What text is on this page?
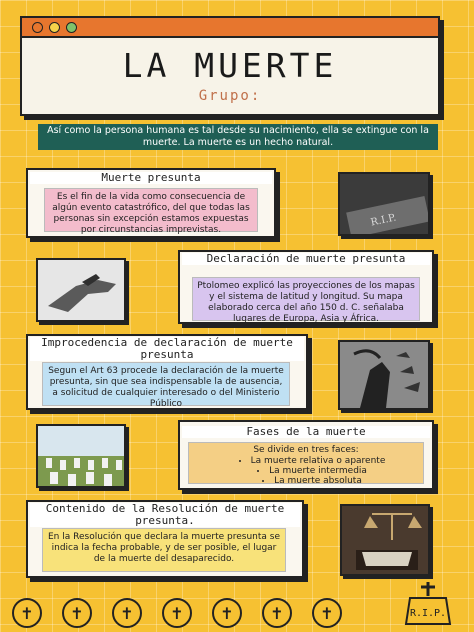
LA MUERTE
Grupo:
Así como la persona humana es tal desde su nacimiento, ella se extingue con la muerte. La muerte es un hecho natural.
Muerte presunta
Es el fin de la vida como consecuencia de algún evento catastrófico, del que todas las personas sin excepción estamos expuestas por circunstancias imprevistas.
R.I.P.
Declaración de muerte presunta
Ptolomeo explicó las proyecciones de los mapas y el sistema de latitud y longitud. Su mapa elaborado cerca del año 150 d. C. señalaba lugares de Europa, Asia y África.
Improcedencia de declaración de muerte presunta
Segun el Art 63 procede la declaración de la muerte presunta, sin que sea indispensable la de ausencia, a solicitud de cualquier interesado o del Ministerio Público
Fases de la muerte
Se divide en tres faces:
• La muerte relativa o aparente
• La muerte intermedia
• La muerte absoluta
Contenido de la Resolución de muerte presunta.
En la Resolución que declara la muerte presunta se indica la fecha probable, y de ser posible, el lugar de la muerte del desaparecido.
✝	✝	✝	✝	✝	✝	✝	R.I.P.
